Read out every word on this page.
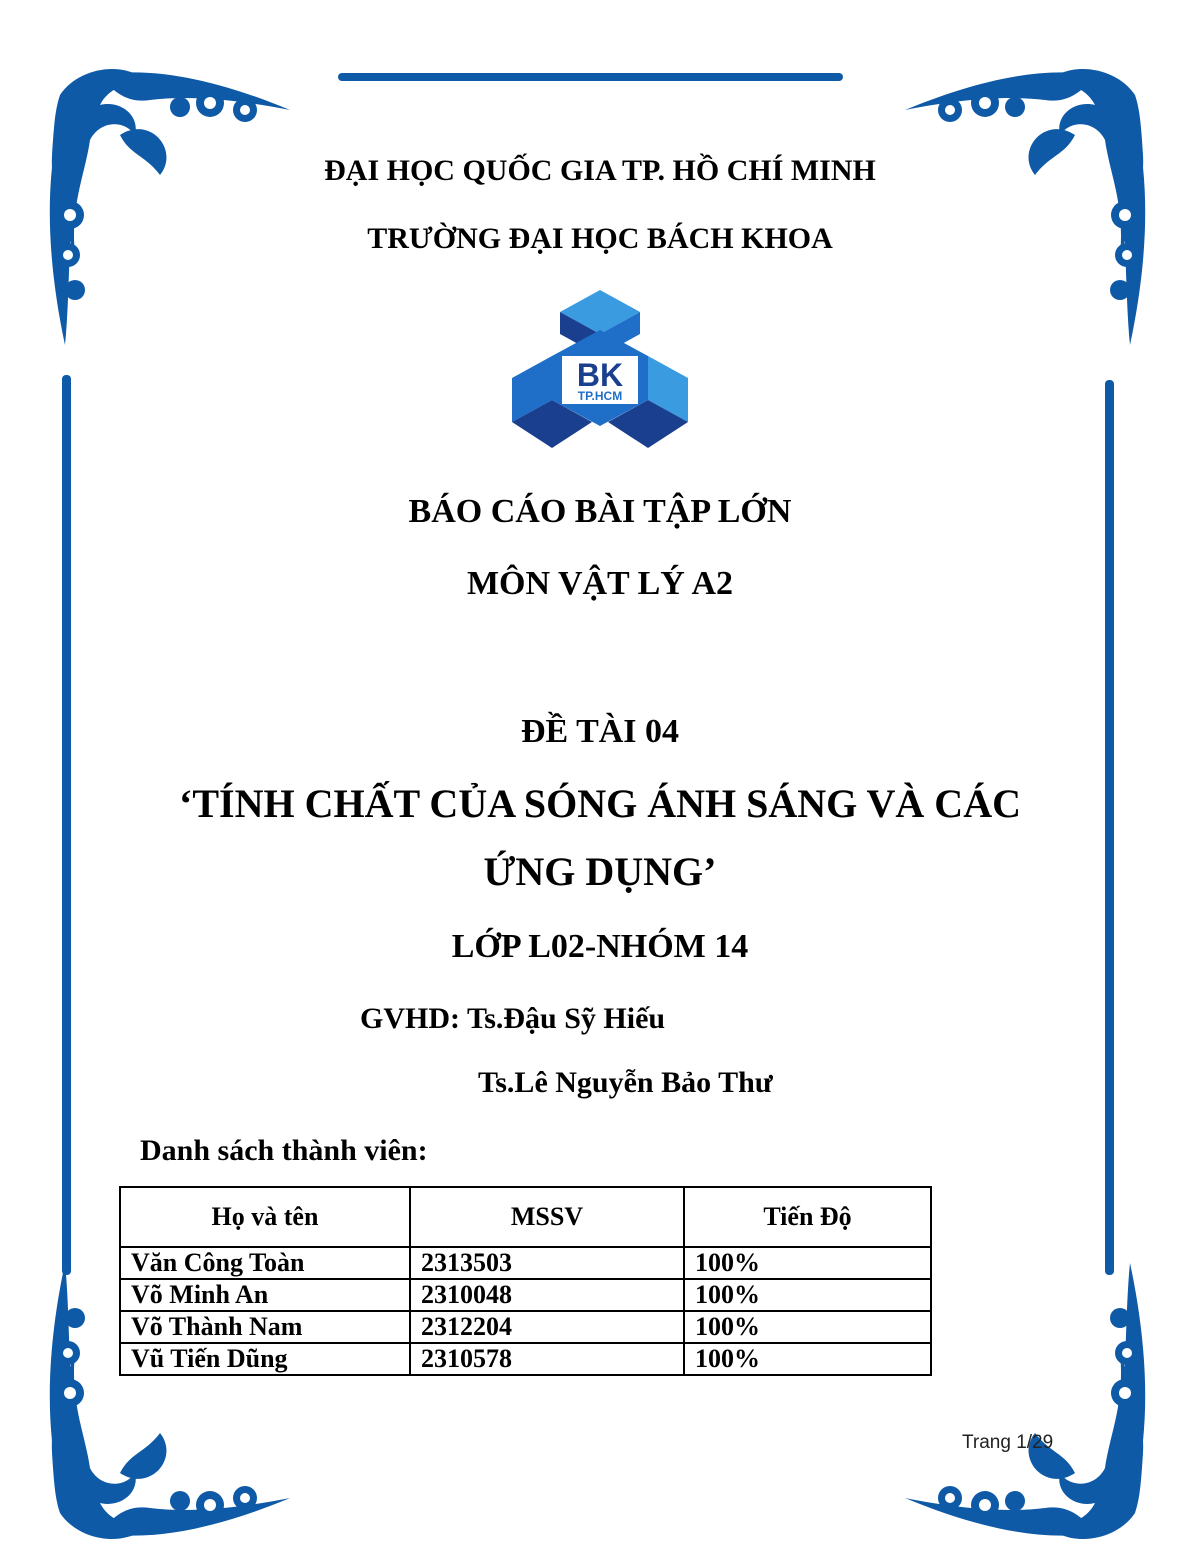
ĐẠI HỌC QUỐC GIA TP. HỒ CHÍ MINH
TRƯỜNG ĐẠI HỌC BÁCH KHOA
BK
TP.HCM
BÁO CÁO BÀI TẬP LỚN
MÔN VẬT LÝ A2
ĐỀ TÀI 04
‘TÍNH CHẤT CỦA SÓNG ÁNH SÁNG VÀ CÁC
ỨNG DỤNG’
LỚP L02-NHÓM 14
GVHD: Ts.Đậu Sỹ Hiếu
Ts.Lê Nguyễn Bảo Thư
Danh sách thành viên:
Họ và tên	MSSV	Tiến Độ
Văn Công Toàn	2313503	100%
Võ Minh An	2310048	100%
Võ Thành Nam	2312204	100%
Vũ Tiến Dũng	2310578	100%
Trang 1/29
